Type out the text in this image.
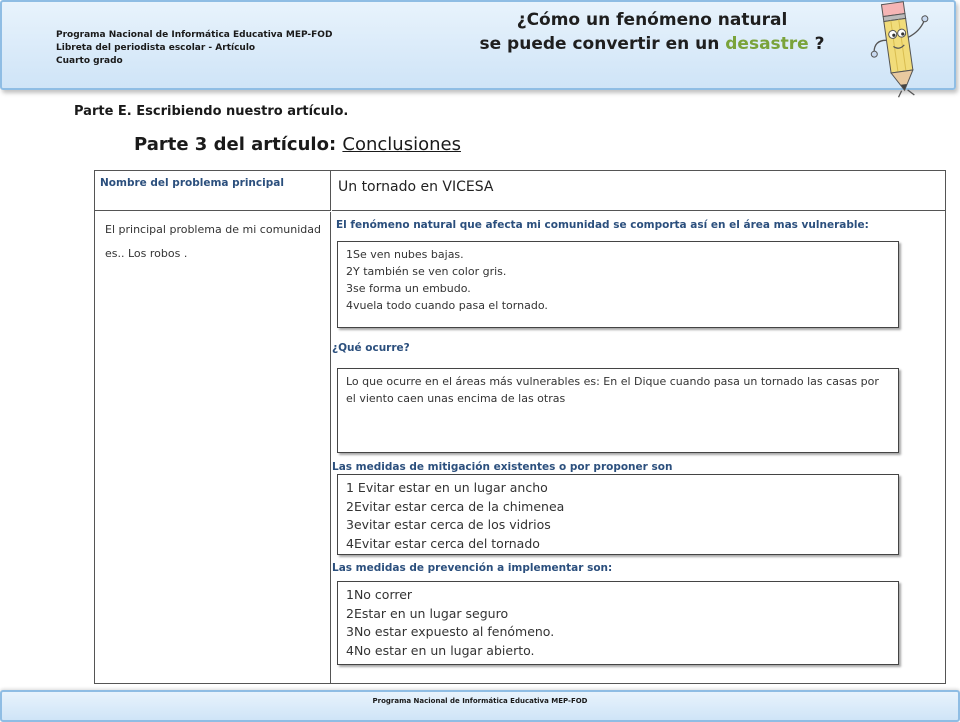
Programa Nacional de Informática Educativa MEP-FOD
Libreta del periodista escolar - Artículo
Cuarto grado
¿Cómo un fenómeno natural
se puede convertir en un desastre ?
Parte E. Escribiendo nuestro artículo.
Parte 3 del artículo: Conclusiones
Nombre del problema principal	Un tornado en VICESA
El principal problema de mi comunidad es.. Los robos .
El fenómeno natural que afecta mi comunidad se comporta así en el área mas vulnerable:
1Se ven nubes bajas.
2Y también se ven color gris.
3se forma un embudo.
4vuela todo cuando pasa el tornado.
¿Qué ocurre?
Lo que ocurre en el áreas más vulnerables es: En el Dique cuando pasa un tornado las casas por el viento caen unas encima de las otras
Las medidas de mitigación existentes o por proponer son
1 Evitar estar en un lugar ancho
2Evitar estar cerca de la chimenea
3evitar estar cerca de los vidrios
4Evitar estar cerca del tornado
Las medidas de prevención a implementar son:
1No correr
2Estar en un lugar seguro
3No estar expuesto al fenómeno.
4No estar en un lugar abierto.
Programa Nacional de Informática Educativa MEP-FOD
